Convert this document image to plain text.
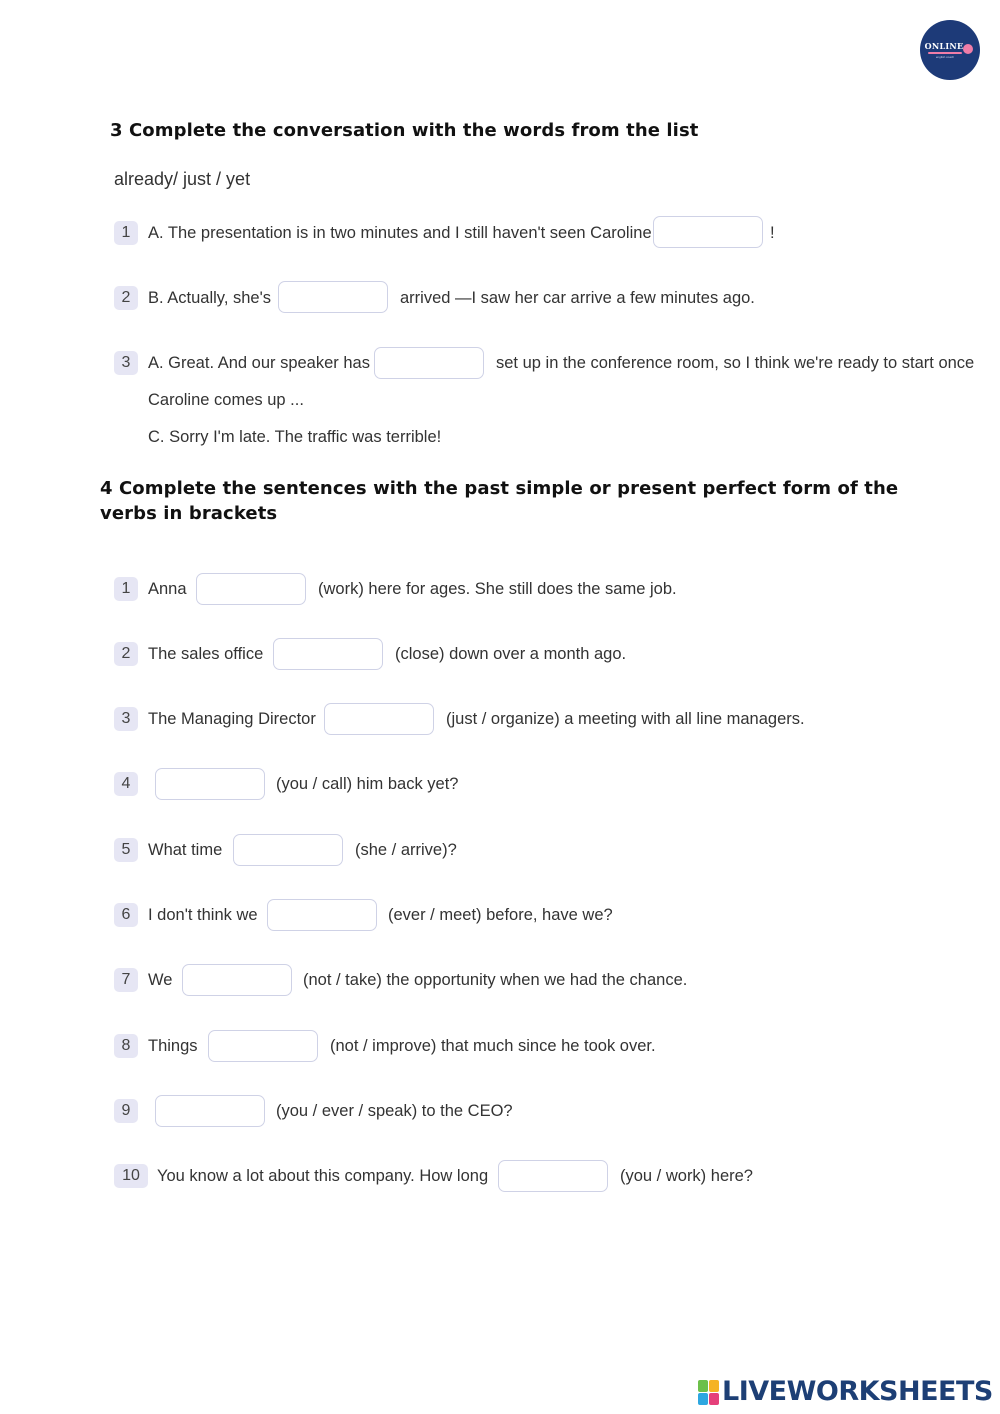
ONLINE
english coach
3 Complete the conversation with the words from the list
already/ just / yet
1	A. The presentation is in two minutes and I still haven't seen Caroline	!
2	B. Actually, she's	arrived —I saw her car arrive a few minutes ago.
3	A. Great. And our speaker has	set up in the conference room, so I think we're ready to start once
Caroline comes up ...
C. Sorry I'm late. The traffic was terrible!
4 Complete the sentences with the past simple or present perfect form of the
verbs in brackets
1	Anna	(work) here for ages. She still does the same job.
2	The sales office	(close) down over a month ago.
3	The Managing Director	(just / organize) a meeting with all line managers.
4	(you / call) him back yet?
5	What time	(she / arrive)?
6	I don't think we	(ever / meet) before, have we?
7	We	(not / take) the opportunity when we had the chance.
8	Things	(not / improve) that much since he took over.
9	(you / ever / speak) to the CEO?
10	You know a lot about this company. How long	(you / work) here?
LIVEWORKSHEETS
